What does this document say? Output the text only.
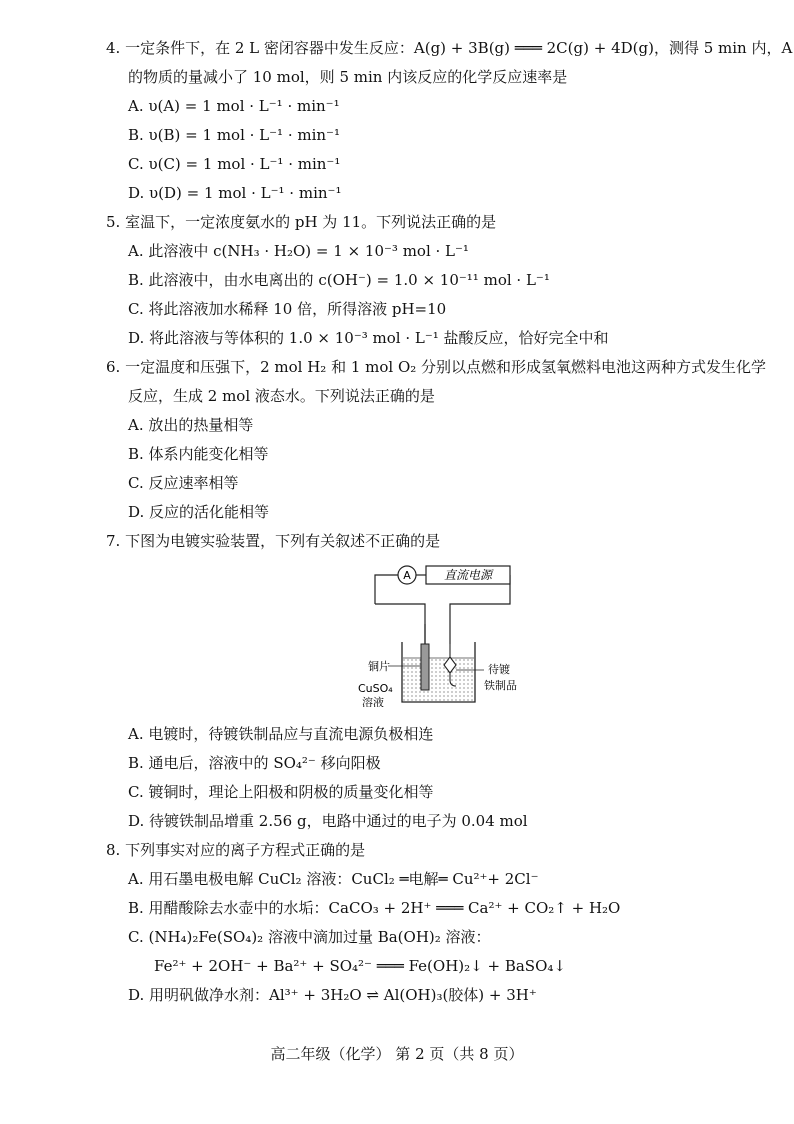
4. 一定条件下，在 2 L 密闭容器中发生反应：A(g) + 3B(g) ═══ 2C(g) + 4D(g)，测得 5 min 内，A
的物质的量减小了 10 mol，则 5 min 内该反应的化学反应速率是
A. υ(A) = 1 mol · L⁻¹ · min⁻¹
B. υ(B) = 1 mol · L⁻¹ · min⁻¹
C. υ(C) = 1 mol · L⁻¹ · min⁻¹
D. υ(D) = 1 mol · L⁻¹ · min⁻¹
5. 室温下，一定浓度氨水的 pH 为 11。下列说法正确的是
A. 此溶液中 c(NH₃ · H₂O) = 1 × 10⁻³ mol · L⁻¹
B. 此溶液中，由水电离出的 c(OH⁻) = 1.0 × 10⁻¹¹ mol · L⁻¹
C. 将此溶液加水稀释 10 倍，所得溶液 pH=10
D. 将此溶液与等体积的 1.0 × 10⁻³ mol · L⁻¹ 盐酸反应，恰好完全中和
6. 一定温度和压强下，2 mol H₂ 和 1 mol O₂ 分别以点燃和形成氢氧燃料电池这两种方式发生化学
反应，生成 2 mol 液态水。下列说法正确的是
A. 放出的热量相等
B. 体系内能变化相等
C. 反应速率相等
D. 反应的活化能相等
7. 下图为电镀实验装置，下列有关叙述不正确的是
A	直流电源
铜片
CuSO₄
溶液
待镀
铁制品
A. 电镀时，待镀铁制品应与直流电源负极相连
B. 通电后，溶液中的 SO₄²⁻ 移向阳极
C. 镀铜时，理论上阳极和阴极的质量变化相等
D. 待镀铁制品增重 2.56 g，电路中通过的电子为 0.04 mol
8. 下列事实对应的离子方程式正确的是
A. 用石墨电极电解 CuCl₂ 溶液：CuCl₂ ═电解═ Cu²⁺+ 2Cl⁻
B. 用醋酸除去水壶中的水垢：CaCO₃ + 2H⁺ ═══ Ca²⁺ + CO₂↑ + H₂O
C. (NH₄)₂Fe(SO₄)₂ 溶液中滴加过量 Ba(OH)₂ 溶液：
Fe²⁺ + 2OH⁻ + Ba²⁺ + SO₄²⁻ ═══ Fe(OH)₂↓ + BaSO₄↓
D. 用明矾做净水剂：Al³⁺ + 3H₂O ⇌ Al(OH)₃(胶体) + 3H⁺
高二年级（化学） 第 2 页（共 8 页）
